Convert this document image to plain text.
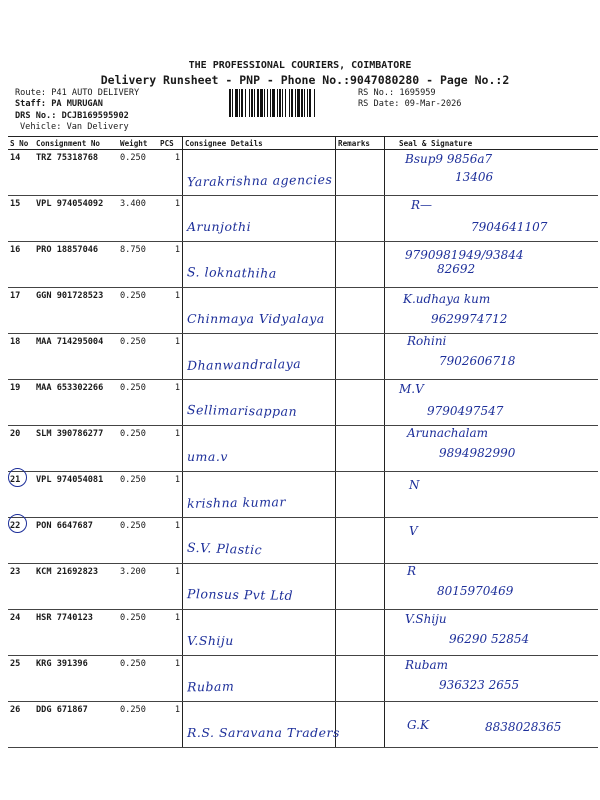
THE PROFESSIONAL COURIERS, COIMBATORE
Delivery Runsheet - PNP - Phone No.:9047080280 - Page No.:2
Route: P41 AUTO DELIVERY
Staff: PA MURUGAN
DRS No.: DCJB169595902
Vehicle: Van Delivery
RS No.: 1695959
RS Date: 09-Mar-2026
S No	Consignment No	Weight	PCS	Consignee Details	Remarks	Seal & Signature
14	TRZ 75318768	0.250	1	Yarakrishna agencies		Bsup9 9856a7
13406

15	VPL 974054092	3.400	1	Arunjothi		R—
7904641107

16	PRO 18857046	8.750	1	S. loknathiha		9790981949/93844
82692

17	GGN 901728523	0.250	1	Chinmaya Vidyalaya		K.udhaya kum
9629974712

18	MAA 714295004	0.250	1	Dhanwandralaya		Rohini
7902606718

19	MAA 653302266	0.250	1	Sellimarisappan		M.V
9790497547

20	SLM 390786277	0.250	1	uma.v		Arunachalam
9894982990

21	VPL 974054081	0.250	1	krishna kumar		N

22	PON 6647687	0.250	1	S.V. Plastic		V

23	KCM 21692823	3.200	1	Plonsus Pvt Ltd		R
8015970469

24	HSR 7740123	0.250	1	V.Shiju		V.Shiju
96290 52854

25	KRG 391396	0.250	1	Rubam		Rubam
936323 2655

26	DDG 671867	0.250	1	R.S. Saravana Traders		G.K 8838028365
